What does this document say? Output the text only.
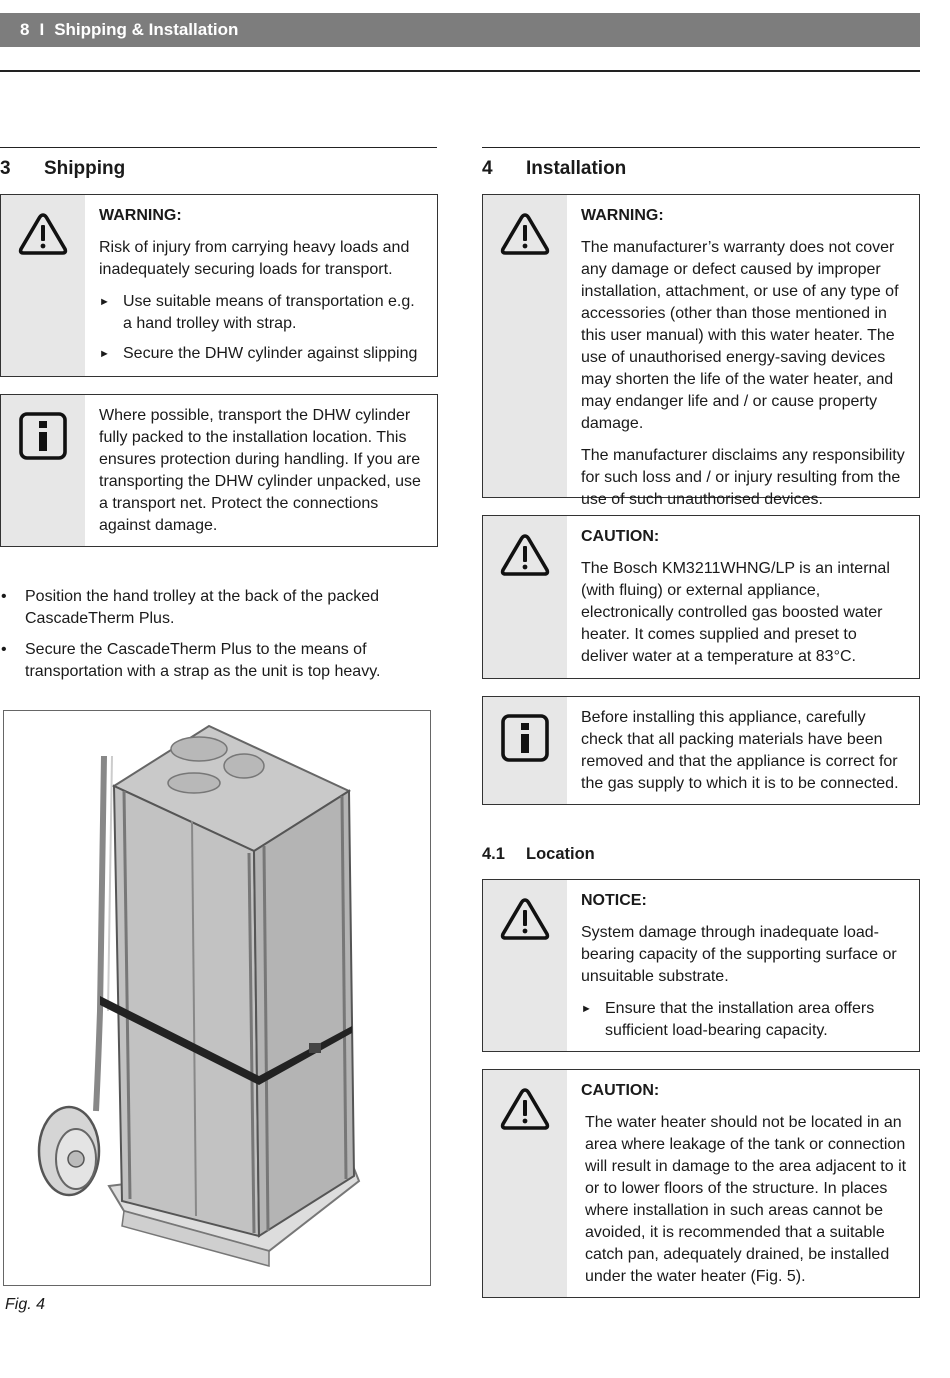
8 I Shipping & Installation
3	Shipping	4	Installation
WARNING:

Risk of injury from carrying heavy loads and inadequately securing loads for transport.

► Use suitable means of transportation e.g. a hand trolley with strap.
► Secure the DHW cylinder against slipping

Where possible, transport the DHW cylinder fully packed to the installation location. This ensures protection during handling. If you are transporting the DHW cylinder unpacked, use a transport net. Protect the connections against damage.

•	Position the hand trolley at the back of the packed CascadeTherm Plus.
•	Secure the CascadeTherm Plus to the means of transportation with a strap as the unit is top heavy.
Fig. 4
WARNING:

The manufacturer’s warranty does not cover any damage or defect caused by improper installation, attachment, or use of any type of accessories (other than those mentioned in this user manual) with this water heater. The use of unauthorised energy-saving devices may shorten the life of the water heater, and may endanger life and / or cause property damage.

The manufacturer disclaims any responsibility for such loss and / or injury resulting from the use of such unauthorised devices.

CAUTION:

The Bosch KM3211WHNG/LP is an internal (with fluing) or external appliance, electronically controlled gas boosted water heater. It comes supplied and preset to deliver water at a temperature at 83°C.

Before installing this appliance, carefully check that all packing materials have been removed and that the appliance is correct for the gas supply to which it is to be connected.

4.1	Location
NOTICE:

System damage through inadequate load-bearing capacity of the supporting surface or unsuitable substrate.

► Ensure that the installation area offers sufficient load-bearing capacity.
CAUTION:

The water heater should not be located in an area where leakage of the tank or connection will result in damage to the area adjacent to it or to lower floors of the structure. In places where installation in such areas cannot be avoided, it is recommended that a suitable catch pan, adequately drained, be installed under the water heater (Fig. 5).
